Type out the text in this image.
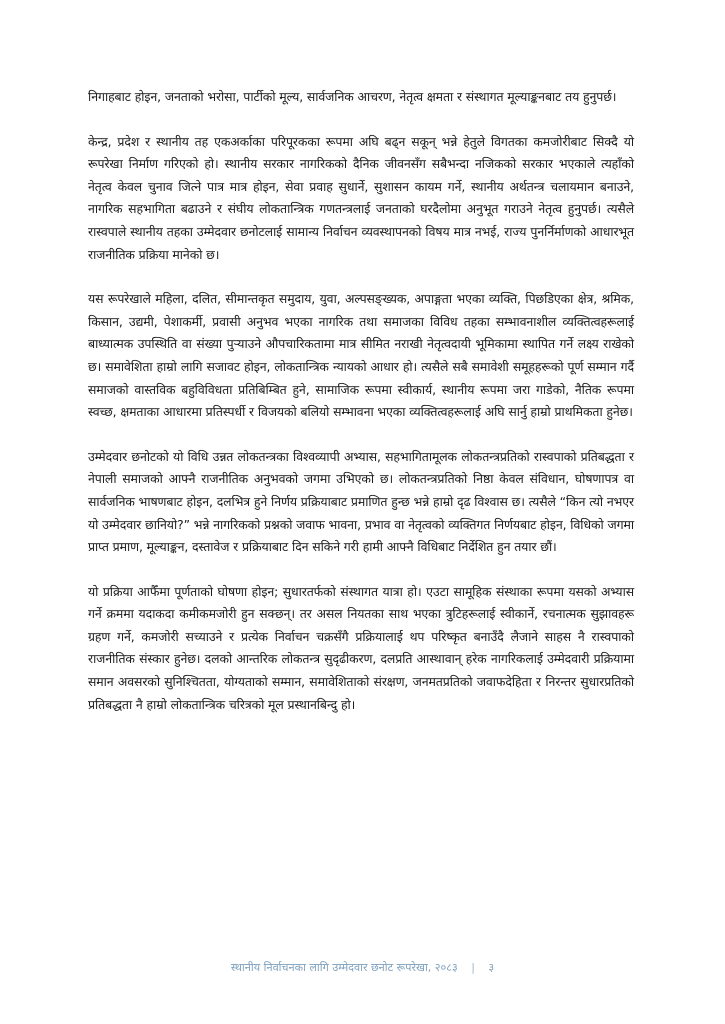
निगाहबाट होइन, जनताको भरोसा, पार्टीको मूल्य, सार्वजनिक आचरण, नेतृत्व क्षमता र संस्थागत मूल्याङ्कनबाट तय हुनुपर्छ।

केन्द्र, प्रदेश र स्थानीय तह एकअर्काका परिपूरकका रूपमा अघि बढ्न सकून् भन्ने हेतुले विगतका कमजोरीबाट सिक्दै यो रूपरेखा निर्माण गरिएको हो। स्थानीय सरकार नागरिकको दैनिक जीवनसँग सबैभन्दा नजिकको सरकार भएकाले त्यहाँको नेतृत्व केवल चुनाव जित्ने पात्र मात्र होइन, सेवा प्रवाह सुधार्ने, सुशासन कायम गर्ने, स्थानीय अर्थतन्त्र चलायमान बनाउने, नागरिक सहभागिता बढाउने र संघीय लोकतान्त्रिक गणतन्त्रलाई जनताको घरदैलोमा अनुभूत गराउने नेतृत्व हुनुपर्छ। त्यसैले रास्वपाले स्थानीय तहका उम्मेदवार छनोटलाई सामान्य निर्वाचन व्यवस्थापनको विषय मात्र नभई, राज्य पुनर्निर्माणको आधारभूत राजनीतिक प्रक्रिया मानेको छ।

यस रूपरेखाले महिला, दलित, सीमान्तकृत समुदाय, युवा, अल्पसङ्ख्यक, अपाङ्गता भएका व्यक्ति, पिछडिएका क्षेत्र, श्रमिक, किसान, उद्यमी, पेशाकर्मी, प्रवासी अनुभव भएका नागरिक तथा समाजका विविध तहका सम्भावनाशील व्यक्तित्वहरूलाई बाध्यात्मक उपस्थिति वा संख्या पुर्‍याउने औपचारिकतामा मात्र सीमित नराखी नेतृत्वदायी भूमिकामा स्थापित गर्ने लक्ष्य राखेको छ। समावेशिता हाम्रो लागि सजावट होइन, लोकतान्त्रिक न्यायको आधार हो। त्यसैले सबै समावेशी समूहहरूको पूर्ण सम्मान गर्दै समाजको वास्तविक बहुविविधता प्रतिबिम्बित हुने, सामाजिक रूपमा स्वीकार्य, स्थानीय रूपमा जरा गाडेको, नैतिक रूपमा स्वच्छ, क्षमताका आधारमा प्रतिस्पर्धी र विजयको बलियो सम्भावना भएका व्यक्तित्वहरूलाई अघि सार्नु हाम्रो प्राथमिकता हुनेछ।

उम्मेदवार छनोटको यो विधि उन्नत लोकतन्त्रका विश्वव्यापी अभ्यास, सहभागितामूलक लोकतन्त्रप्रतिको रास्वपाको प्रतिबद्धता र नेपाली समाजको आफ्नै राजनीतिक अनुभवको जगमा उभिएको छ। लोकतन्त्रप्रतिको निष्ठा केवल संविधान, घोषणापत्र वा सार्वजनिक भाषणबाट होइन, दलभित्र हुने निर्णय प्रक्रियाबाट प्रमाणित हुन्छ भन्ने हाम्रो दृढ विश्वास छ। त्यसैले “किन त्यो नभएर यो उम्मेदवार छानियो?” भन्ने नागरिकको प्रश्नको जवाफ भावना, प्रभाव वा नेतृत्वको व्यक्तिगत निर्णयबाट होइन, विधिको जगमा प्राप्त प्रमाण, मूल्याङ्कन, दस्तावेज र प्रक्रियाबाट दिन सकिने गरी हामी आफ्नै विधिबाट निर्देशित हुन तयार छौं।

यो प्रक्रिया आफैँमा पूर्णताको घोषणा होइन; सुधारतर्फको संस्थागत यात्रा हो। एउटा सामूहिक संस्थाका रूपमा यसको अभ्यास गर्ने क्रममा यदाकदा कमीकमजोरी हुन सक्छन्। तर असल नियतका साथ भएका त्रुटिहरूलाई स्वीकार्ने, रचनात्मक सुझावहरू ग्रहण गर्ने, कमजोरी सच्याउने र प्रत्येक निर्वाचन चक्रसँगै प्रक्रियालाई थप परिष्कृत बनाउँदै लैजाने साहस नै रास्वपाको राजनीतिक संस्कार हुनेछ। दलको आन्तरिक लोकतन्त्र सुदृढीकरण, दलप्रति आस्थावान् हरेक नागरिकलाई उम्मेदवारी प्रक्रियामा समान अवसरको सुनिश्चितता, योग्यताको सम्मान, समावेशिताको संरक्षण, जनमतप्रतिको जवाफदेहिता र निरन्तर सुधारप्रतिको प्रतिबद्धता नै हाम्रो लोकतान्त्रिक चरित्रको मूल प्रस्थानबिन्दु हो।

स्थानीय निर्वाचनका लागि उम्मेदवार छनोट रूपरेखा, २०८३ | ३
